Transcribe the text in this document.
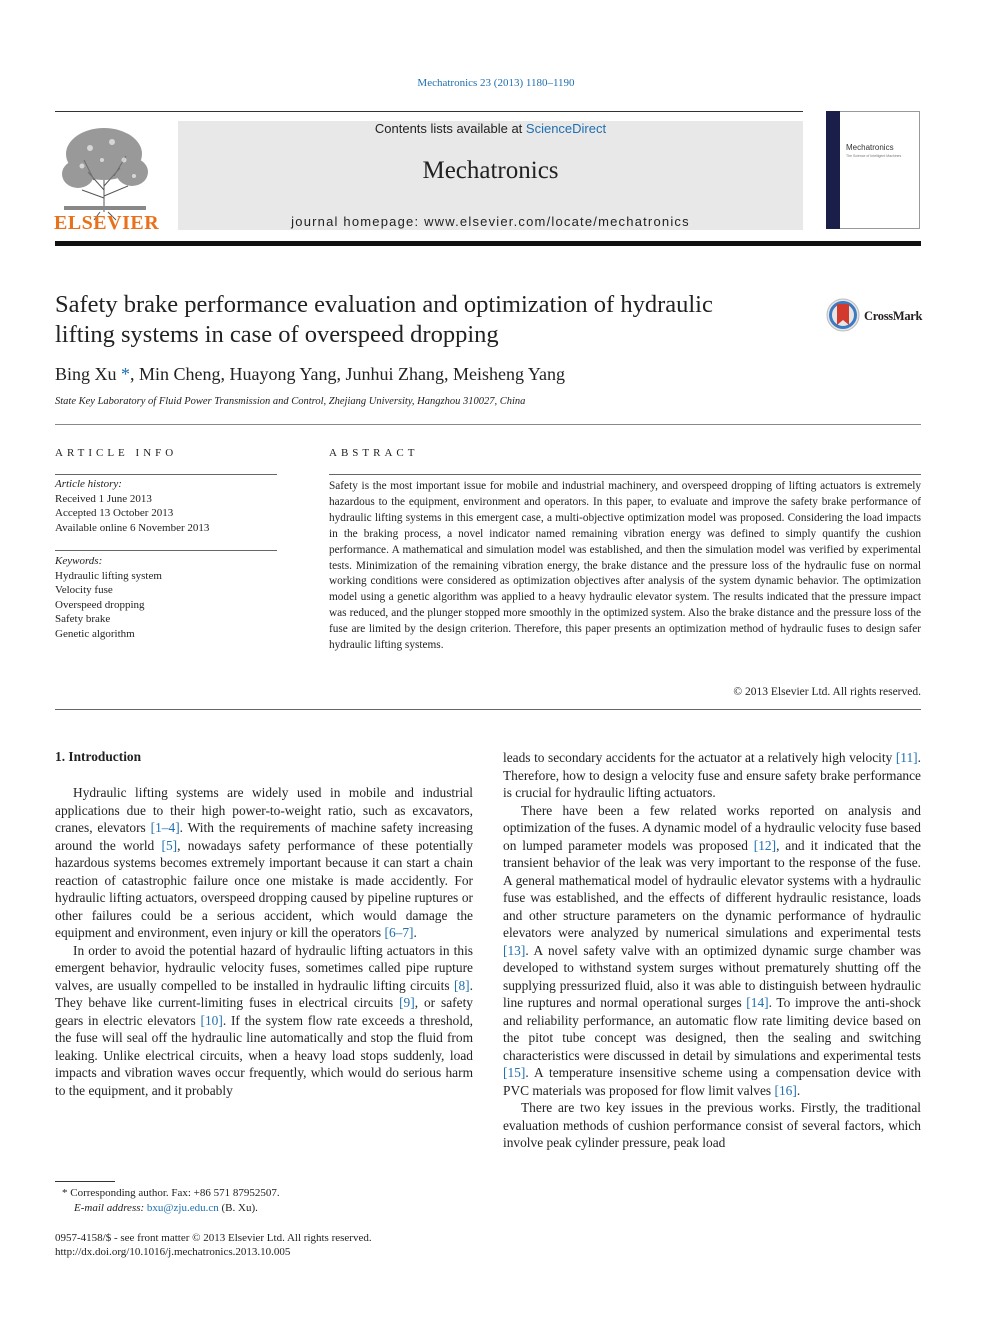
Mechatronics 23 (2013) 1180–1190
ELSEVIER
Contents lists available at ScienceDirect
Mechatronics
journal homepage: www.elsevier.com/locate/mechatronics
Mechatronics
The Science of Intelligent Machines
Safety brake performance evaluation and optimization of hydraulic
lifting systems in case of overspeed dropping
CrossMark
Bing Xu *, Min Cheng, Huayong Yang, Junhui Zhang, Meisheng Yang
State Key Laboratory of Fluid Power Transmission and Control, Zhejiang University, Hangzhou 310027, China
ARTICLE INFO
Article history:
Received 1 June 2013
Accepted 13 October 2013
Available online 6 November 2013
Keywords:
Hydraulic lifting system
Velocity fuse
Overspeed dropping
Safety brake
Genetic algorithm
ABSTRACT
Safety is the most important issue for mobile and industrial machinery, and overspeed dropping of lifting actuators is extremely hazardous to the equipment, environment and operators. In this paper, to evaluate and improve the safety brake performance of hydraulic lifting systems in this emergent case, a multi-objective optimization model was proposed. Considering the load impacts in the braking process, a novel indicator named remaining vibration energy was defined to simply quantify the cushion performance. A mathematical and simulation model was established, and then the simulation model was verified by experimental tests. Minimization of the remaining vibration energy, the brake distance and the pressure loss of the hydraulic fuse on normal working conditions were considered as optimization objectives after analysis of the system dynamic behavior. The optimization model using a genetic algorithm was applied to a heavy hydraulic elevator system. The results indicated that the pressure impact was reduced, and the plunger stopped more smoothly in the optimized system. Also the brake distance and the pressure loss of the fuse are limited by the design criterion. Therefore, this paper presents an optimization method of hydraulic fuses to design safer hydraulic lifting systems.
© 2013 Elsevier Ltd. All rights reserved.
1. Introduction

Hydraulic lifting systems are widely used in mobile and industrial applications due to their high power-to-weight ratio, such as excavators, cranes, elevators [1–4]. With the requirements of machine safety increasing around the world [5], nowadays safety performance of these potentially hazardous systems becomes extremely important because it can start a chain reaction of catastrophic failure once one mistake is made accidently. For hydraulic lifting actuators, overspeed dropping caused by pipeline ruptures or other failures could be a serious accident, which would damage the equipment and environment, even injury or kill the operators [6–7].

In order to avoid the potential hazard of hydraulic lifting actuators in this emergent behavior, hydraulic velocity fuses, sometimes called pipe rupture valves, are usually compelled to be installed in hydraulic lifting circuits [8]. They behave like current-limiting fuses in electrical circuits [9], or safety gears in electric elevators [10]. If the system flow rate exceeds a threshold, the fuse will seal off the hydraulic line automatically and stop the fluid from leaking. Unlike electrical circuits, when a heavy load stops suddenly, load impacts and vibration waves occur frequently, which would do serious harm to the equipment, and it probably

leads to secondary accidents for the actuator at a relatively high velocity [11]. Therefore, how to design a velocity fuse and ensure safety brake performance is crucial for hydraulic lifting actuators.

There have been a few related works reported on analysis and optimization of the fuses. A dynamic model of a hydraulic velocity fuse based on lumped parameter models was proposed [12], and it indicated that the transient behavior of the leak was very important to the response of the fuse. A general mathematical model of hydraulic elevator systems with a hydraulic fuse was established, and the effects of different hydraulic resistance, loads and other structure parameters on the dynamic performance of hydraulic elevators were analyzed by numerical simulations and experimental tests [13]. A novel safety valve with an optimized dynamic surge chamber was developed to withstand system surges without prematurely shutting off the supplying pressurized fluid, also it was able to distinguish between hydraulic line ruptures and normal operational surges [14]. To improve the anti-shock and reliability performance, an automatic flow rate limiting device based on the pitot tube concept was designed, then the sealing and switching characteristics were discussed in detail by simulations and experimental tests [15]. A temperature insensitive scheme using a compensation device with PVC materials was proposed for flow limit valves [16].

There are two key issues in the previous works. Firstly, the traditional evaluation methods of cushion performance consist of several factors, which involve peak cylinder pressure, peak load

* Corresponding author. Fax: +86 571 87952507.
E-mail address: bxu@zju.edu.cn (B. Xu).
0957-4158/$ - see front matter © 2013 Elsevier Ltd. All rights reserved.
http://dx.doi.org/10.1016/j.mechatronics.2013.10.005
